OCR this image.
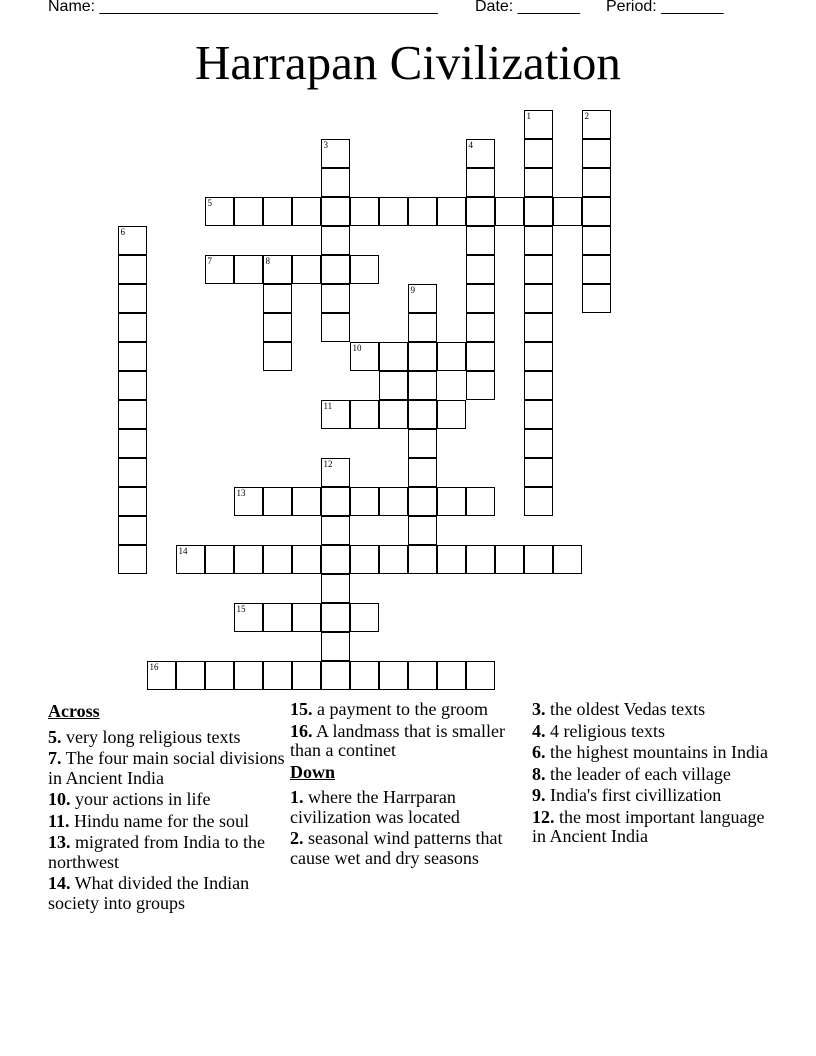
Name: ______________________________________ Date: _______ Period: _______
Harrapan Civilization
1	2
3	4
6
8
9
12
5
7
10
11
13
14
15
16
Across
5. very long religious texts
7. The four main social divisions in Ancient India
10. your actions in life
11. Hindu name for the soul
13. migrated from India to the northwest
14. What divided the Indian society into groups
15. a payment to the groom
16. A landmass that is smaller than a continet
Down
1. where the Harrparan civilization was located
2. seasonal wind patterns that cause wet and dry seasons
3. the oldest Vedas texts
4. 4 religious texts
6. the highest mountains in India
8. the leader of each village
9. India's first civillization
12. the most important language in Ancient India
